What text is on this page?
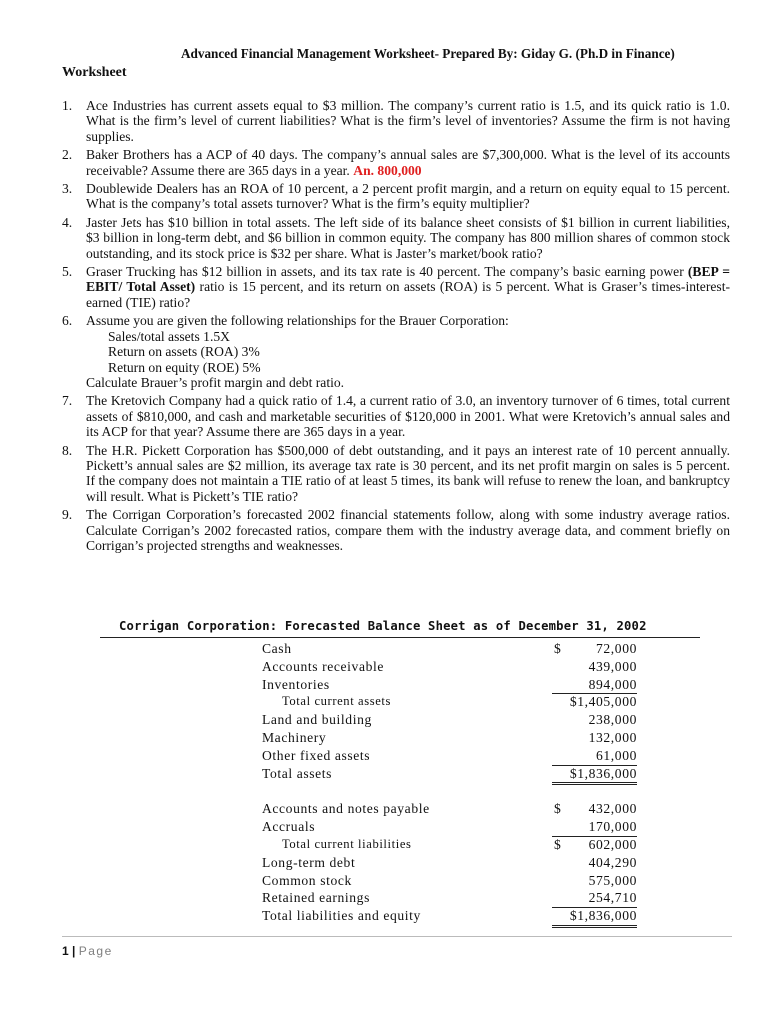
Advanced Financial Management Worksheet- Prepared By: Giday G. (Ph.D in Finance)
Worksheet
1. Ace Industries has current assets equal to $3 million. The company’s current ratio is 1.5, and its quick ratio is 1.0. What is the firm’s level of current liabilities? What is the firm’s level of inventories? Assume the firm is not having supplies.
2. Baker Brothers has a ACP of 40 days. The company’s annual sales are $7,300,000. What is the level of its accounts receivable? Assume there are 365 days in a year. An. 800,000
3. Doublewide Dealers has an ROA of 10 percent, a 2 percent profit margin, and a return on equity equal to 15 percent. What is the company’s total assets turnover? What is the firm’s equity multiplier?
4. Jaster Jets has $10 billion in total assets. The left side of its balance sheet consists of $1 billion in current liabilities, $3 billion in long-term debt, and $6 billion in common equity. The company has 800 million shares of common stock outstanding, and its stock price is $32 per share. What is Jaster’s market/book ratio?
5. Graser Trucking has $12 billion in assets, and its tax rate is 40 percent. The company’s basic earning power (BEP = EBIT/ Total Asset) ratio is 15 percent, and its return on assets (ROA) is 5 percent. What is Graser’s times-interest-earned (TIE) ratio?
6. Assume you are given the following relationships for the Brauer Corporation:
Sales/total assets 1.5X
Return on assets (ROA) 3%
Return on equity (ROE) 5%
Calculate Brauer’s profit margin and debt ratio.
7. The Kretovich Company had a quick ratio of 1.4, a current ratio of 3.0, an inventory turnover of 6 times, total current assets of $810,000, and cash and marketable securities of $120,000 in 2001. What were Kretovich’s annual sales and its ACP for that year? Assume there are 365 days in a year.
8. The H.R. Pickett Corporation has $500,000 of debt outstanding, and it pays an interest rate of 10 percent annually. Pickett’s annual sales are $2 million, its average tax rate is 30 percent, and its net profit margin on sales is 5 percent. If the company does not maintain a TIE ratio of at least 5 times, its bank will refuse to renew the loan, and bankruptcy will result. What is Pickett’s TIE ratio?
9. The Corrigan Corporation’s forecasted 2002 financial statements follow, along with some industry average ratios. Calculate Corrigan’s 2002 forecasted ratios, compare them with the industry average data, and comment briefly on Corrigan’s projected strengths and weaknesses.
Corrigan Corporation: Forecasted Balance Sheet as of December 31, 2002
Cash	$	72,000
Accounts receivable	439,000
Inventories	894,000
Total current assets	$1,405,000
Land and building	238,000
Machinery	132,000
Other fixed assets	61,000
Total assets	$1,836,000
Accounts and notes payable	$ 432,000
Accruals	170,000
Total current liabilities	$ 602,000
Long-term debt	404,290
Common stock	575,000
Retained earnings	254,710
Total liabilities and equity	$1,836,000
1 | Page
